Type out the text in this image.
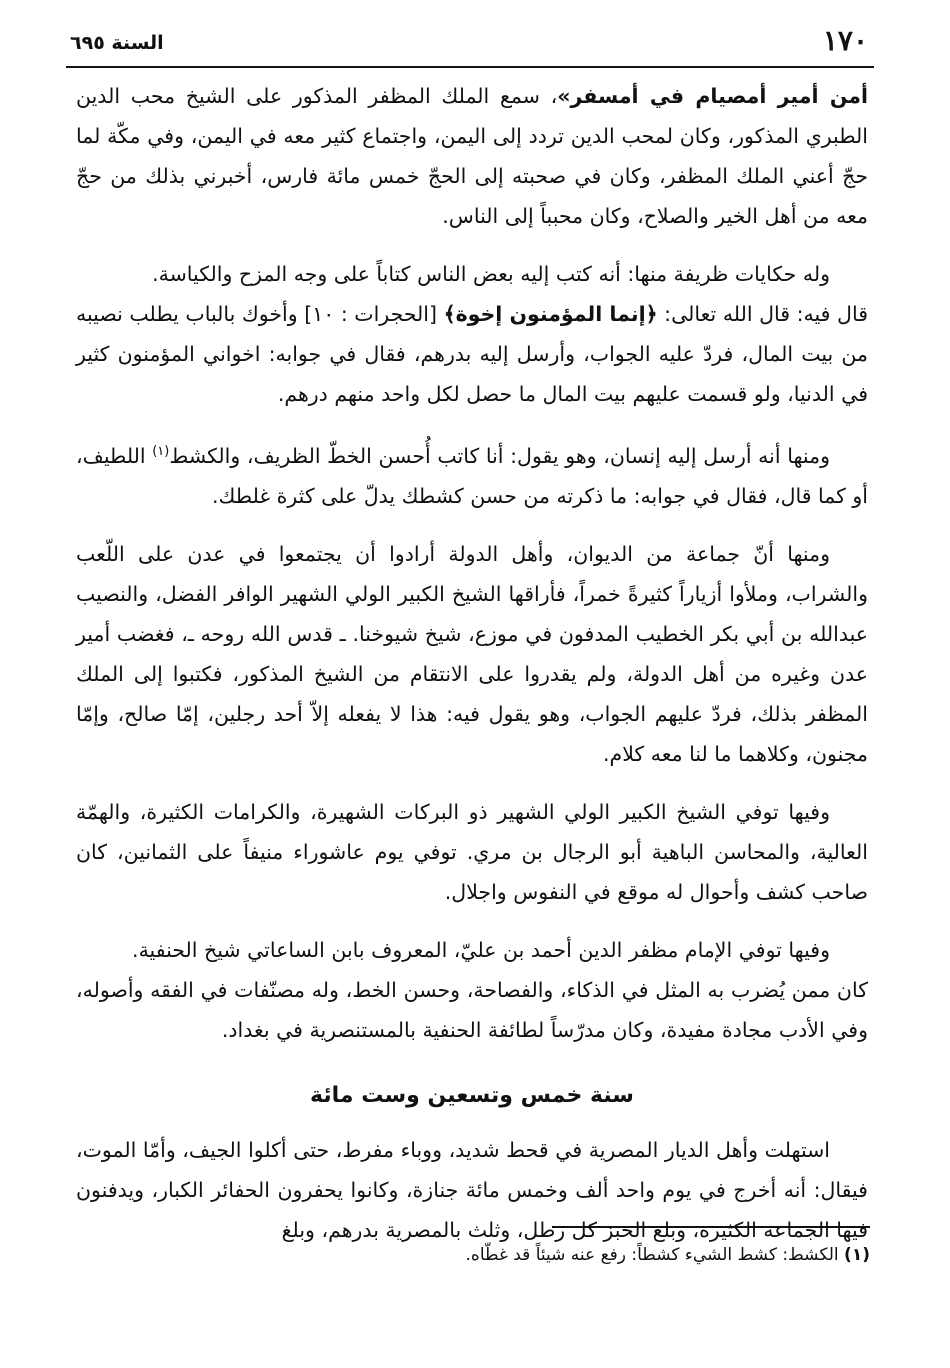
١٧٠
السنة ٦٩٥

أمن أمير أمصيام في أمسفر»، سمع الملك المظفر المذكور على الشيخ محب الدين الطبري المذكور، وكان لمحب الدين تردد إلى اليمن، واجتماع كثير معه في اليمن، وفي مكّة لما حجّ أعني الملك المظفر، وكان في صحبته إلى الحجّ خمس مائة فارس، أخبرني بذلك من حجّ معه من أهل الخير والصلاح، وكان محبباً إلى الناس.

وله حكايات ظريفة منها: أنه كتب إليه بعض الناس كتاباً على وجه المزح والكياسة.

قال فيه: قال الله تعالى: ﴿إنما المؤمنون إخوة﴾ [الحجرات : ١٠] وأخوك بالباب يطلب نصيبه من بيت المال، فردّ عليه الجواب، وأرسل إليه بدرهم، فقال في جوابه: اخواني المؤمنون كثير في الدنيا، ولو قسمت عليهم بيت المال ما حصل لكل واحد منهم درهم.

ومنها أنه أرسل إليه إنسان، وهو يقول: أنا كاتب أُحسن الخطّ الظريف، والكشط$^{(١)}$ اللطيف، أو كما قال، فقال في جوابه: ما ذكرته من حسن كشطك يدلّ على كثرة غلطك.

ومنها أنّ جماعة من الديوان، وأهل الدولة أرادوا أن يجتمعوا في عدن على اللّعب والشراب، وملأوا أزياراً كثيرةً خمراً، فأراقها الشيخ الكبير الولي الشهير الوافر الفضل، والنصيب عبدالله بن أبي بكر الخطيب المدفون في موزع، شيخ شيوخنا. ـ قدس الله روحه ـ، فغضب أمير عدن وغيره من أهل الدولة، ولم يقدروا على الانتقام من الشيخ المذكور، فكتبوا إلى الملك المظفر بذلك، فردّ عليهم الجواب، وهو يقول فيه: هذا لا يفعله إلاّ أحد رجلين، إمّا صالح، وإمّا مجنون، وكلاهما ما لنا معه كلام.

وفيها توفي الشيخ الكبير الولي الشهير ذو البركات الشهيرة، والكرامات الكثيرة، والهمّة العالية، والمحاسن الباهية أبو الرجال بن مري. توفي يوم عاشوراء منيفاً على الثمانين، كان صاحب كشف وأحوال له موقع في النفوس واجلال.

وفيها توفي الإمام مظفر الدين أحمد بن عليّ، المعروف بابن الساعاتي شيخ الحنفية.

كان ممن يُضرب به المثل في الذكاء، والفصاحة، وحسن الخط، وله مصنّفات في الفقه وأصوله، وفي الأدب مجادة مفيدة، وكان مدرّساً لطائفة الحنفية بالمستنصرية في بغداد.

سنة خمس وتسعين وست مائة

استهلت وأهل الديار المصرية في قحط شديد، ووباء مفرط، حتى أكلوا الجيف، وأمّا الموت، فيقال: أنه أخرج في يوم واحد ألف وخمس مائة جنازة، وكانوا يحفرون الحفائر الكبار، ويدفنون فيها الجماعة الكثيرة، وبلغ الخبز كل رطل، وثلث بالمصرية بدرهم، وبلغ

(١) الكشط: كشط الشيء كشطاً: رفع عنه شيئاً قد غطّاه.
